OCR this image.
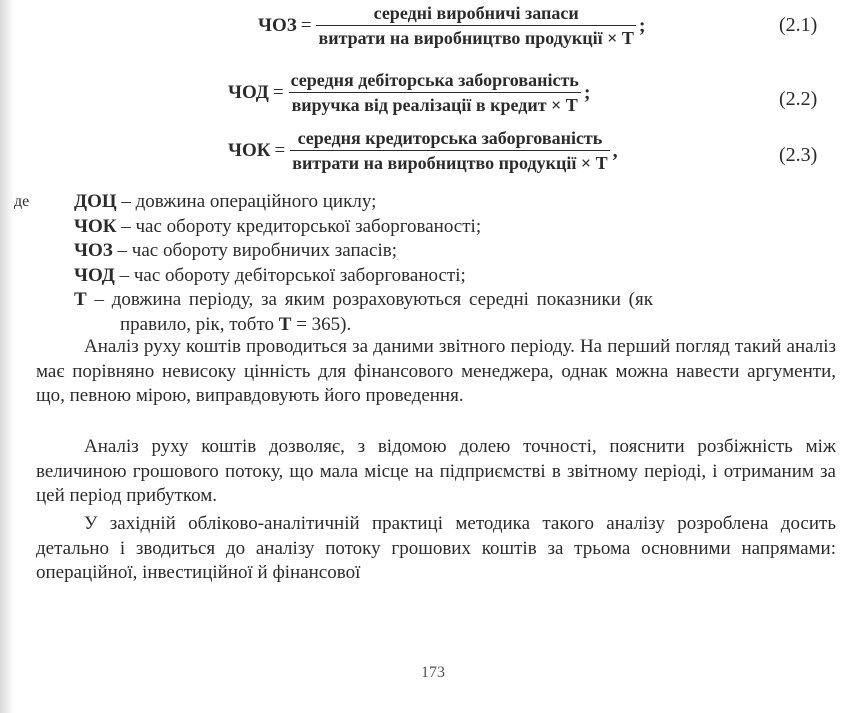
ЧОЗ = $\frac{\text{середні виробничі запаси}}{\text{витрати на виробництво продукції × Т}}$ ;	(2.1)
ЧОД = $\frac{\text{середня дебіторська заборгованість}}{\text{виручка від реалізації в кредит × Т}}$ ;	(2.2)
ЧОК = $\frac{\text{середня кредиторська заборгованість}}{\text{витрати на виробництво продукції × Т}}$ ,	(2.3)
де ДОЦ – довжина операційного циклу;
ЧОК – час обороту кредиторської заборгованості;
ЧОЗ – час обороту виробничих запасів;
ЧОД – час обороту дебіторської заборгованості;
Т – довжина періоду, за яким розраховуються середні показники (як
правило, рік, тобто Т = 365).

Аналіз руху коштів проводиться за даними звітного періоду. На перший погляд такий аналіз має порівняно невисоку цінність для фінансового менеджера, однак можна навести аргументи, що, певною мірою, виправдовують його проведення.

Аналіз руху коштів дозволяє, з відомою долею точності, пояснити розбіжність між величиною грошового потоку, що мала місце на підприємстві в звітному періоді, і отриманим за цей період прибутком.

У західній обліково-аналітичній практиці методика такого аналізу розроблена досить детально і зводиться до аналізу потоку грошових коштів за трьома основними напрямами: операційної, інвестиційної й фінансової

173
